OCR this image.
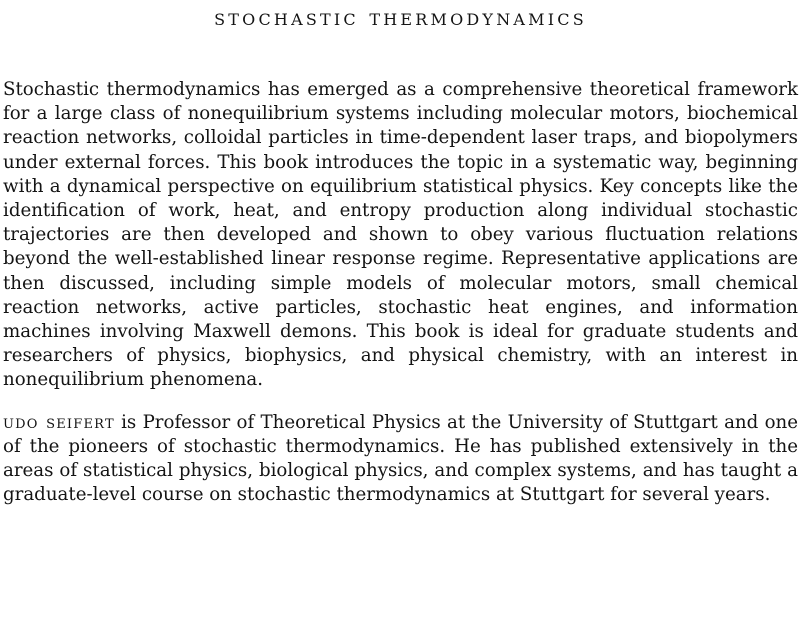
stochastic thermodynamics

Stochastic thermodynamics has emerged as a comprehensive theoretical framework for a large class of nonequilibrium systems including molecular motors, biochemical reaction networks, colloidal particles in time-dependent laser traps, and biopolymers under external forces. This book introduces the topic in a systematic way, beginning with a dynamical perspective on equilibrium statistical physics. Key concepts like the identification of work, heat, and entropy production along individual stochastic trajectories are then developed and shown to obey various fluctuation relations beyond the well-established linear response regime. Representative applications are then discussed, including simple models of molecular motors, small chemical reaction networks, active particles, stochastic heat engines, and information machines involving Maxwell demons. This book is ideal for graduate students and researchers of physics, biophysics, and physical chemistry, with an interest in nonequilibrium phenomena.

udo seifert is Professor of Theoretical Physics at the University of Stuttgart and one of the pioneers of stochastic thermodynamics. He has published extensively in the areas of statistical physics, biological physics, and complex systems, and has taught a graduate-level course on stochastic thermodynamics at Stuttgart for several years.
